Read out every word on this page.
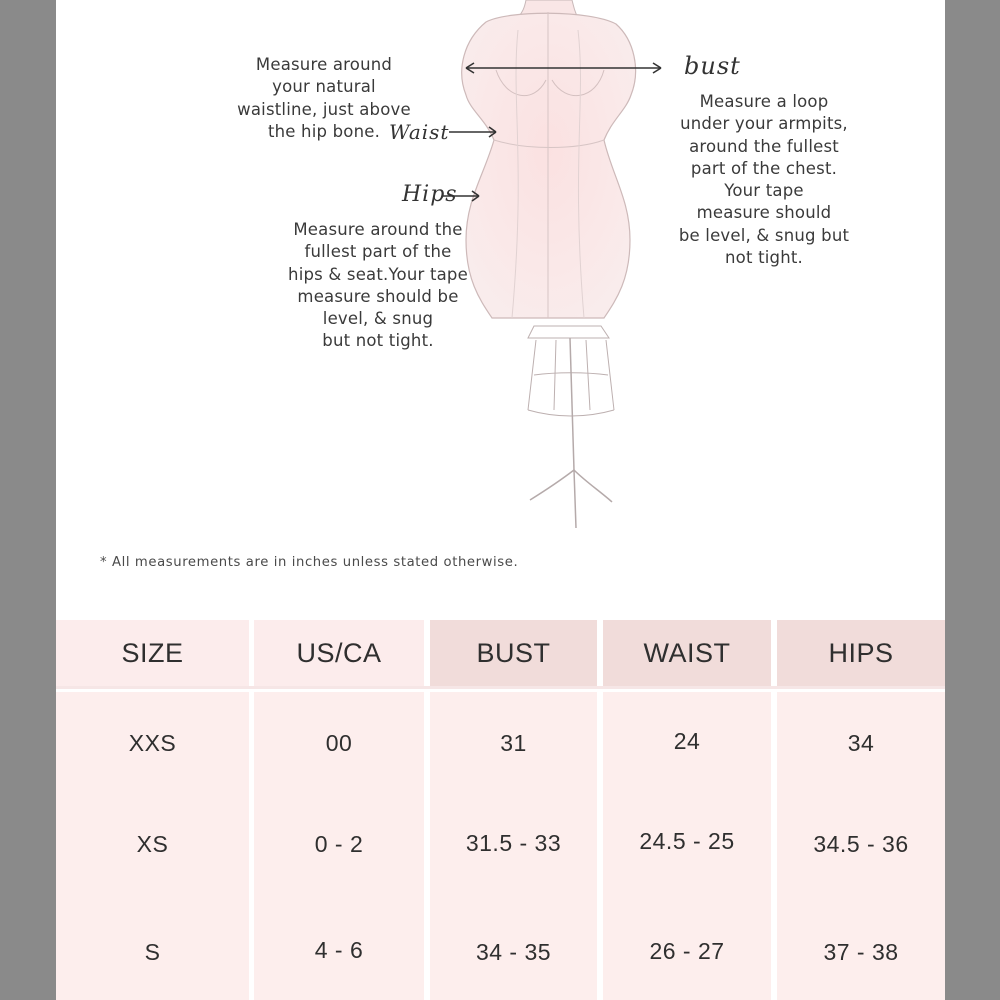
Measure around
your natural
waistline, just above
the hip bone. Waist
bust
Measure a loop
under your armpits,
around the fullest
part of the chest.
Your tape
measure should
be level, & snug but
not tight.
Hips
Measure around the
fullest part of the
hips & seat.Your tape
measure should be
level, & snug
but not tight.
* All measurements are in inches unless stated otherwise.
SIZE	US/CA	BUST	WAIST	HIPS
XXS	00	31	24	34
XS	0 - 2	31.5 - 33	24.5 - 25	34.5 - 36
S	4 - 6	34 - 35	26 - 27	37 - 38
